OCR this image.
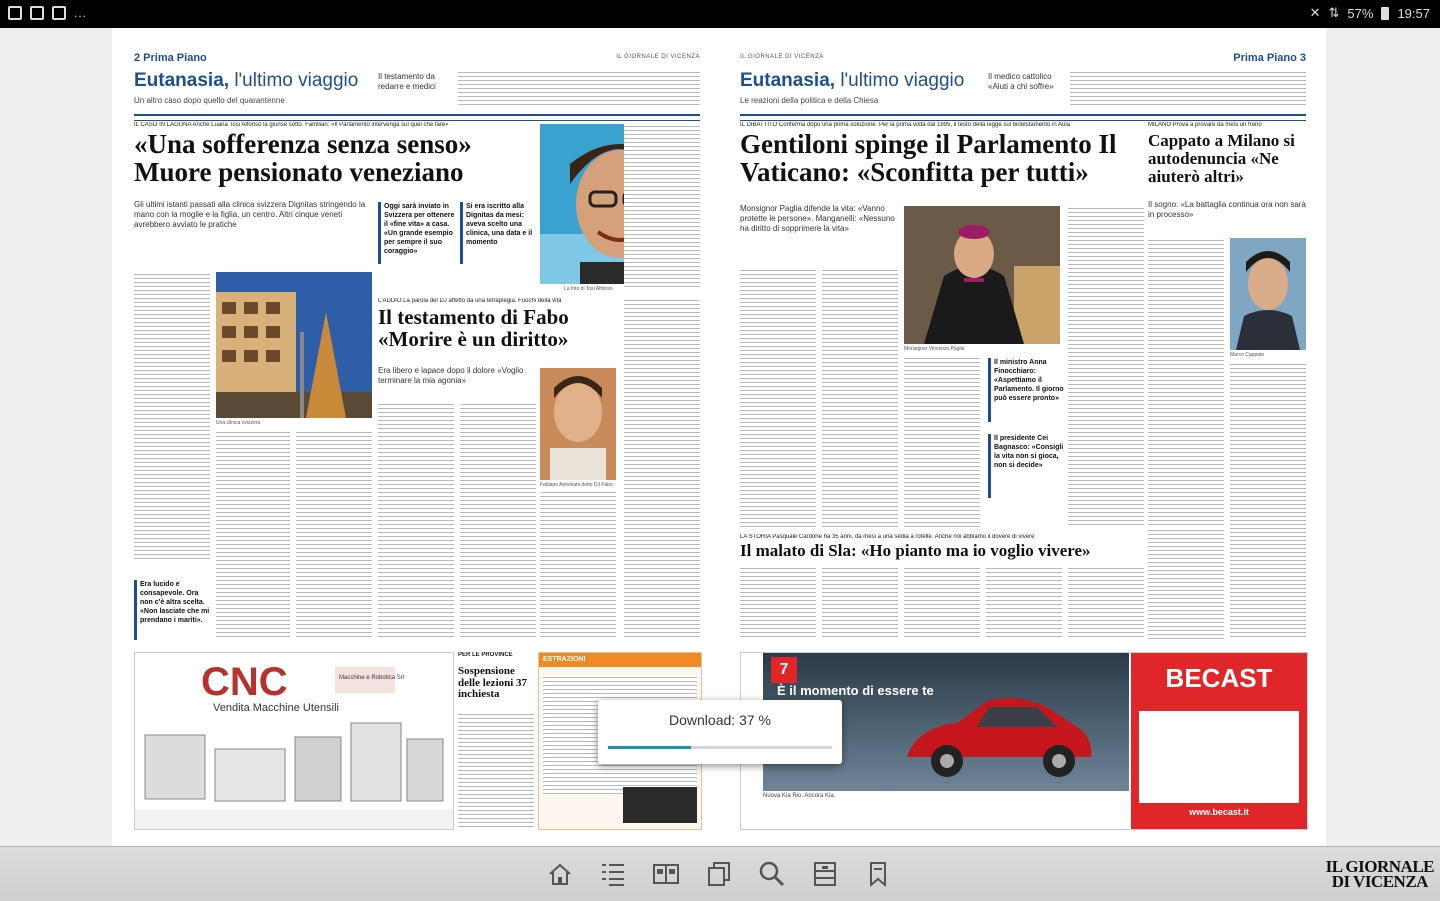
...	✕ ⇅ 57% 19:57
2 Prima Piano	IL GIORNALE DI VICENZA
Eutanasia, l'ultimo viaggio
Un altro caso dopo quello del quarantenne
Il testamento da redarre e medici
IL CASO IN LAGUNA Anche Luana Tosi Alfonso la giunse sotto. Familiari: «Il Parlamento intervenga sul quel che fare»
«Una sofferenza senza senso» Muore pensionato veneziano
Gli ultimi istanti passati alla clinica svizzera Dignitas stringendo la mano con la moglie e la figlia, un centro. Altri cinque veneti avrebbero avviato le pratiche
Oggi sarà inviato in Svizzera per ottenere il «fine vita» a casa. «Un grande esempio per sempre il suo coraggio»
Si era iscritto alla Dignitas da mesi: aveva scelto una clinica, una data e il momento
La foto di Tosi Alfonso
Una clinica svizzera
Era lucido e consapevole. Ora non c'è altra scelta. «Non lasciate che mi prendano i mariti».
L'ADDIO La parola del DJ affetto da una tetraplegia. Fuochi della vita
Il testamento di Fabo «Morire è un diritto»
Era libero e lapace dopo il dolore «Voglio terminare la mia agonia»
Fabiano Antoniani detto DJ Fabo
CNC	Macchine e Robotica Srl
Vendita Macchine Utensili
PER LE PROVINCE
Sospensione delle lezioni 37 inchiesta
ESTRAZIONI
IL GIORNALE DI VICENZA	Prima Piano 3
Eutanasia, l'ultimo viaggio
Le reazioni della politica e della Chiesa
Il medico cattolico «Aiuti a chi soffre»
IL DIBATTITO Conferma dopo una prima soluzione. Per la prima volta dal 1995, il testo della legge sul biotestamento in Aula
Gentiloni spinge il Parlamento Il Vaticano: «Sconfitta per tutti»
Monsignor Paglia difende la vita: «Vanno protette le persone». Manganelli: «Nessuno ha diritto di sopprimere la vita»
Monsignor Vincenzo Paglia
Il ministro Anna Finocchiaro: «Aspettiamo il Parlamento. Il giorno può essere pronto»
Il presidente Cei Bagnasco: «Consigli la vita non si gioca, non si decide»
MILANO Prova a provare da mesi un freno
Cappato a Milano si autodenuncia «Ne aiuterò altri»
Il sogno: «La battaglia continua ora non sarà in processo»
Marco Cappato
LA STORIA Pasquale Cardone ha 35 anni, da mesi a una sedia a rotelle. Anche noi abbiamo il dovere di vivere
Il malato di Sla: «Ho pianto ma io voglio vivere»
7
È il momento di essere te
Nuova Kia Rio. Ancora Kia.
BECAST
www.becast.it
Download: 37 %
IL GIORNALE
DI VICENZA
